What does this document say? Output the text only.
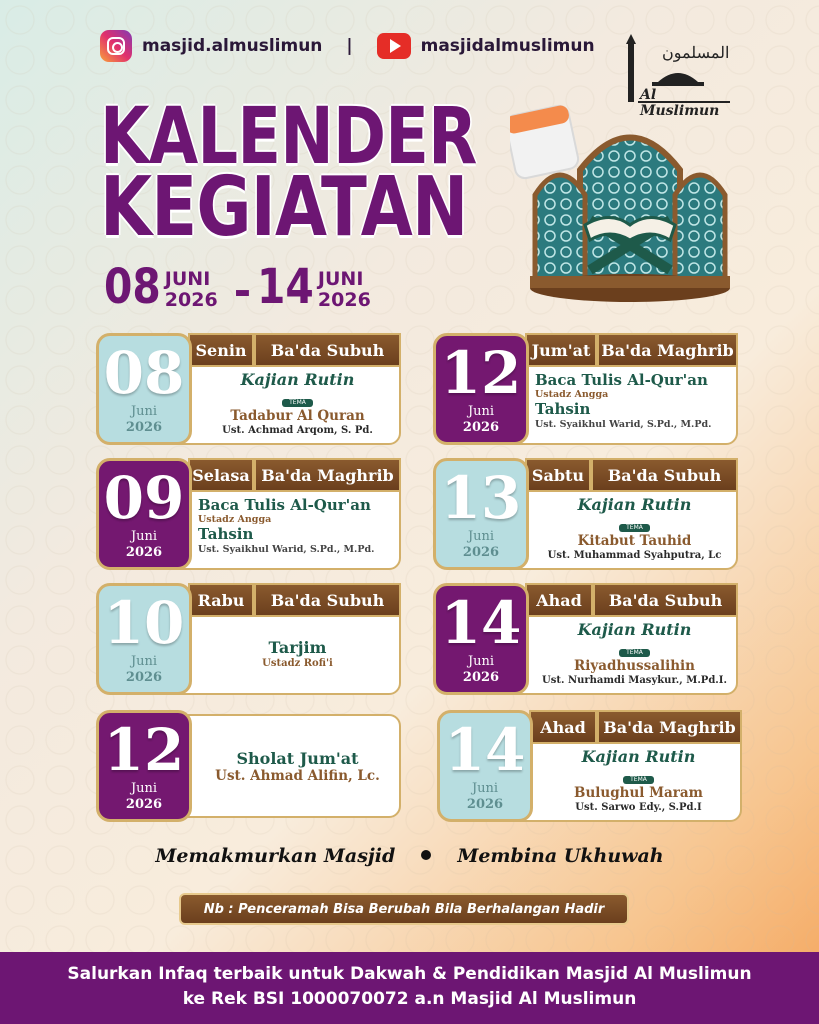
masjid.almuslimun |	masjidalmuslimun	المسلمون
Al Muslimun
KALENDER
KEGIATAN
08 JUNI
2026 - 14 JUNI
2026
Senin	Ba'da Subuh
08
Juni
2026
Kajian Rutin
TEMA
Tadabur Al Quran
Ust. Achmad Arqom, S. Pd.
Selasa Ba'da Maghrib
09
Juni
2026
Baca Tulis Al-Qur'an
Ustadz Angga
Tahsin
Ust. Syaikhul Warid, S.Pd., M.Pd.
Rabu	Ba'da Subuh
10
Juni
2026
Tarjim
Ustadz Rofi'i
12
Juni
2026
Sholat Jum'at
Ust. Ahmad Alifin, Lc.
Jum'at Ba'da Maghrib
12
Juni
2026
Baca Tulis Al-Qur'an
Ustadz Angga
Tahsin
Ust. Syaikhul Warid, S.Pd., M.Pd.
Sabtu	Ba'da Subuh
13
Juni
2026
Kajian Rutin
TEMA
Kitabut Tauhid
Ust. Muhammad Syahputra, Lc
Ahad	Ba'da Subuh
14
Juni
2026
Kajian Rutin
TEMA
Riyadhussalihin
Ust. Nurhamdi Masykur., M.Pd.I.
Ahad	Ba'da Maghrib
14
Juni
2026
Kajian Rutin
TEMA
Bulughul Maram
Ust. Sarwo Edy., S.Pd.I
Memakmurkan Masjid	Membina Ukhuwah
Nb : Penceramah Bisa Berubah Bila Berhalangan Hadir
Salurkan Infaq terbaik untuk Dakwah & Pendidikan Masjid Al Muslimun
ke Rek BSI 1000070072 a.n Masjid Al Muslimun
